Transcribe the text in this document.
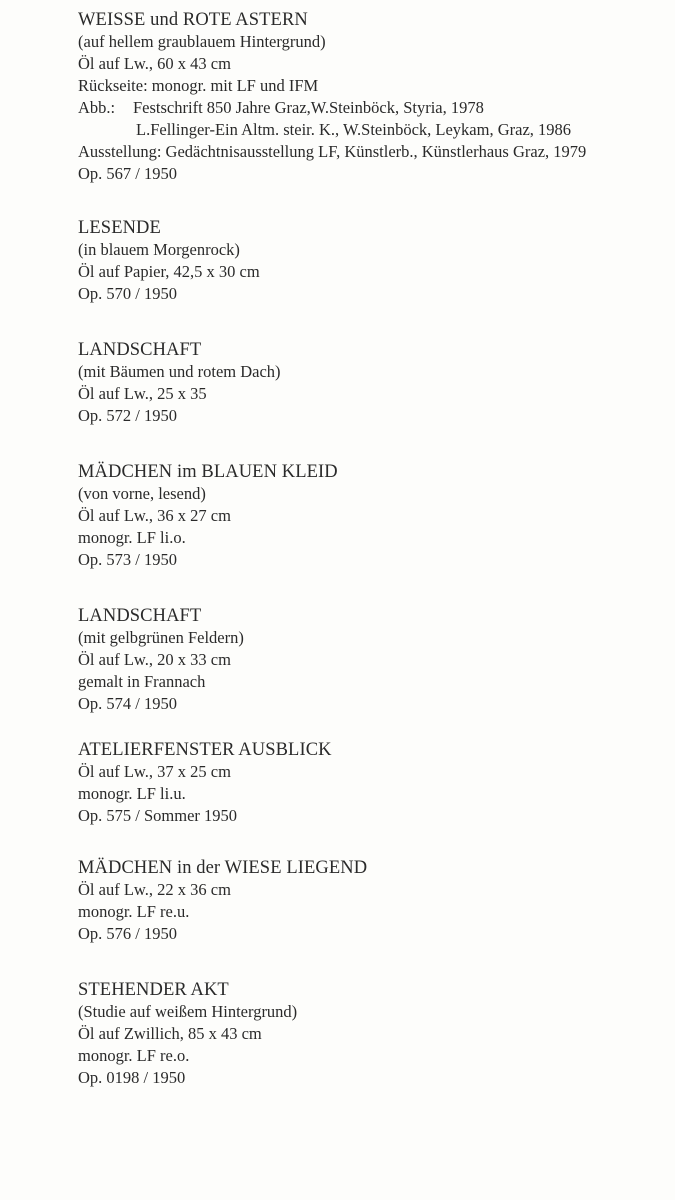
WEISSE und ROTE ASTERN
(auf hellem graublauem Hintergrund)
Öl auf Lw., 60 x 43 cm
Rückseite: monogr. mit LF und IFM
Abb.: Festschrift 850 Jahre Graz,W.Steinböck, Styria, 1978
L.Fellinger-Ein Altm. steir. K., W.Steinböck, Leykam, Graz, 1986
Ausstellung: Gedächtnisausstellung LF, Künstlerb., Künstlerhaus Graz, 1979
Op. 567 / 1950
LESENDE
(in blauem Morgenrock)
Öl auf Papier, 42,5 x 30 cm
Op. 570 / 1950
LANDSCHAFT
(mit Bäumen und rotem Dach)
Öl auf Lw., 25 x 35
Op. 572 / 1950
MÄDCHEN im BLAUEN KLEID
(von vorne, lesend)
Öl auf Lw., 36 x 27 cm
monogr. LF li.o.
Op. 573 / 1950
LANDSCHAFT
(mit gelbgrünen Feldern)
Öl auf Lw., 20 x 33 cm
gemalt in Frannach
Op. 574 / 1950
ATELIERFENSTER AUSBLICK
Öl auf Lw., 37 x 25 cm
monogr. LF li.u.
Op. 575 / Sommer 1950
MÄDCHEN in der WIESE LIEGEND
Öl auf Lw., 22 x 36 cm
monogr. LF re.u.
Op. 576 / 1950
STEHENDER AKT
(Studie auf weißem Hintergrund)
Öl auf Zwillich, 85 x 43 cm
monogr. LF re.o.
Op. 0198 / 1950
